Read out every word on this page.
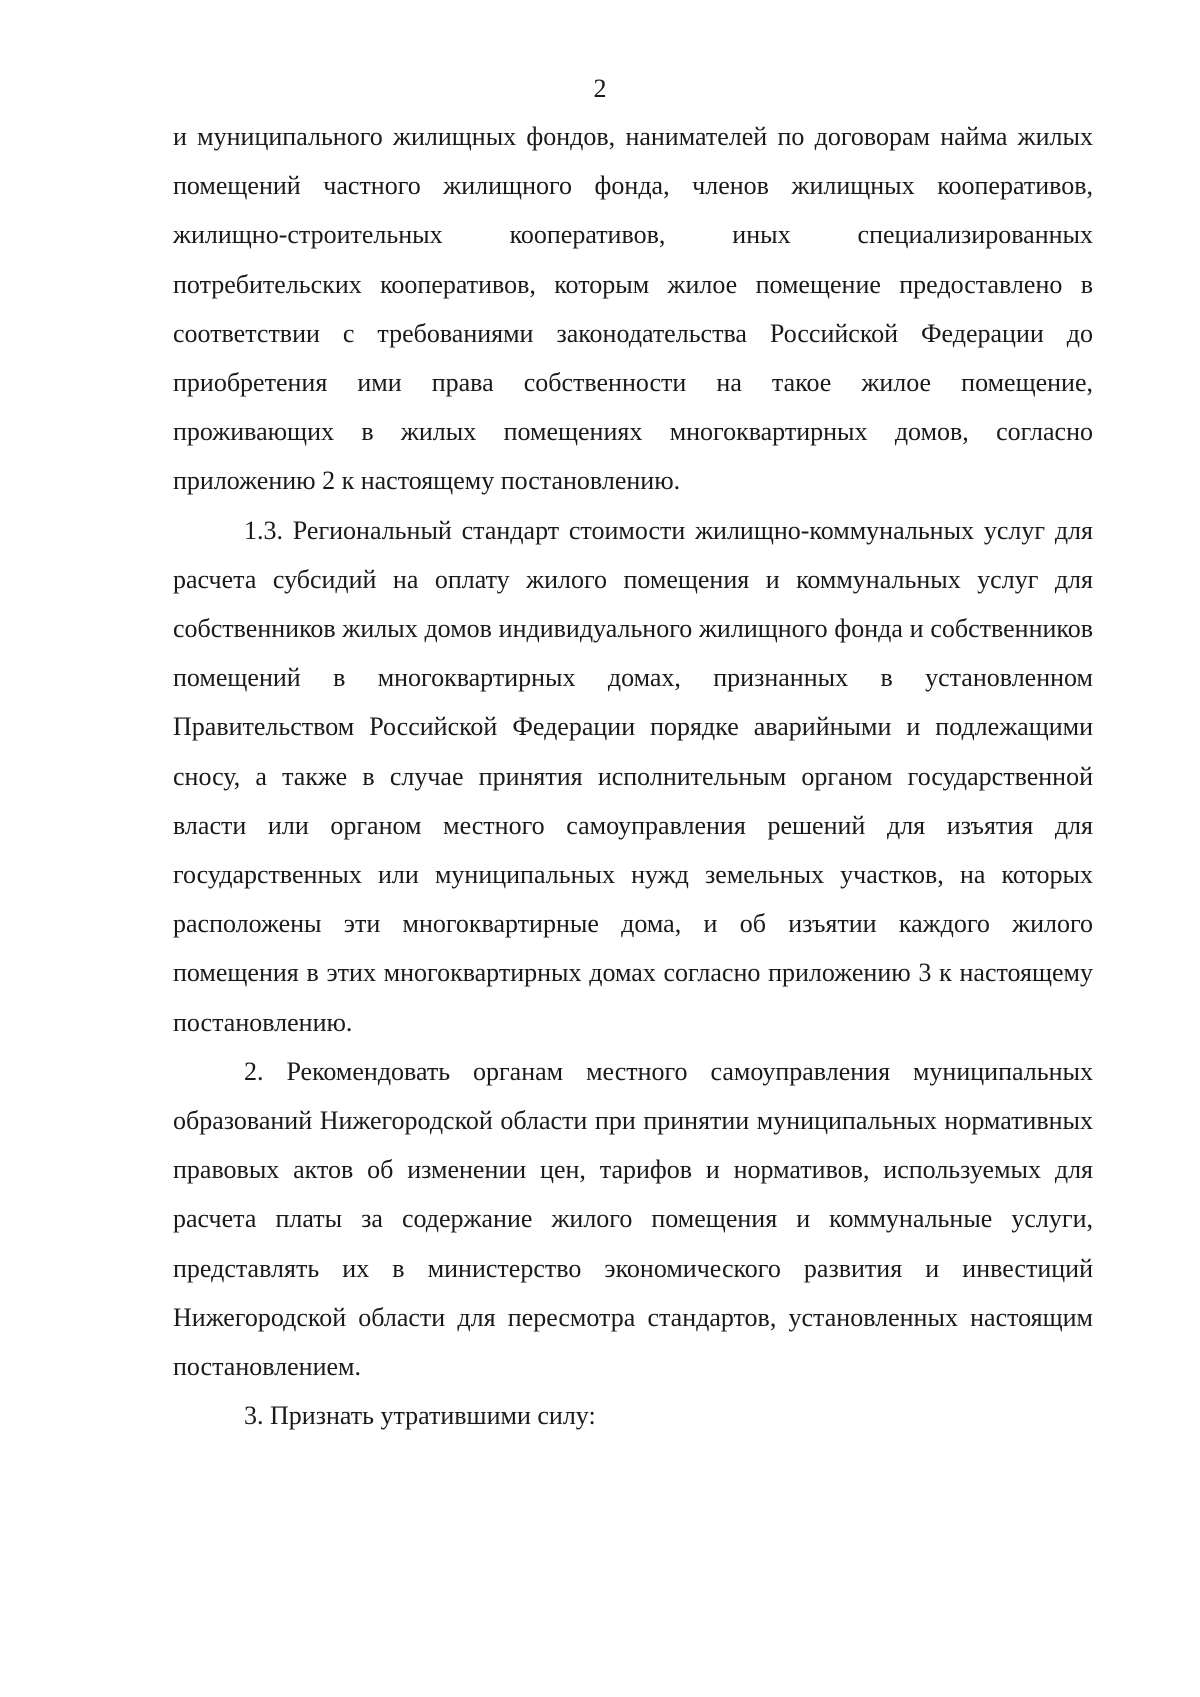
2

и муниципального жилищных фондов, нанимателей по договорам найма жилых помещений частного жилищного фонда, членов жилищных кооперативов, жилищно-строительных кооперативов, иных специализированных потребительских кооперативов, которым жилое помещение предоставлено в соответствии с требованиями законодательства Российской Федерации до приобретения ими права собственности на такое жилое помещение, проживающих в жилых помещениях многоквартирных домов, согласно приложению 2 к настоящему постановлению.

1.3. Региональный стандарт стоимости жилищно-коммунальных услуг для расчета субсидий на оплату жилого помещения и коммунальных услуг для собственников жилых домов индивидуального жилищного фонда и собственников помещений в многоквартирных домах, признанных в установленном Правительством Российской Федерации порядке аварийными и подлежащими сносу, а также в случае принятия исполнительным органом государственной власти или органом местного самоуправления решений для изъятия для государственных или муниципальных нужд земельных участков, на которых расположены эти многоквартирные дома, и об изъятии каждого жилого помещения в этих многоквартирных домах согласно приложению 3 к настоящему постановлению.

2. Рекомендовать органам местного самоуправления муниципальных образований Нижегородской области при принятии муниципальных нормативных правовых актов об изменении цен, тарифов и нормативов, используемых для расчета платы за содержание жилого помещения и коммунальные услуги, представлять их в министерство экономического развития и инвестиций Нижегородской области для пересмотра стандартов, установленных настоящим постановлением.

3. Признать утратившими силу:
